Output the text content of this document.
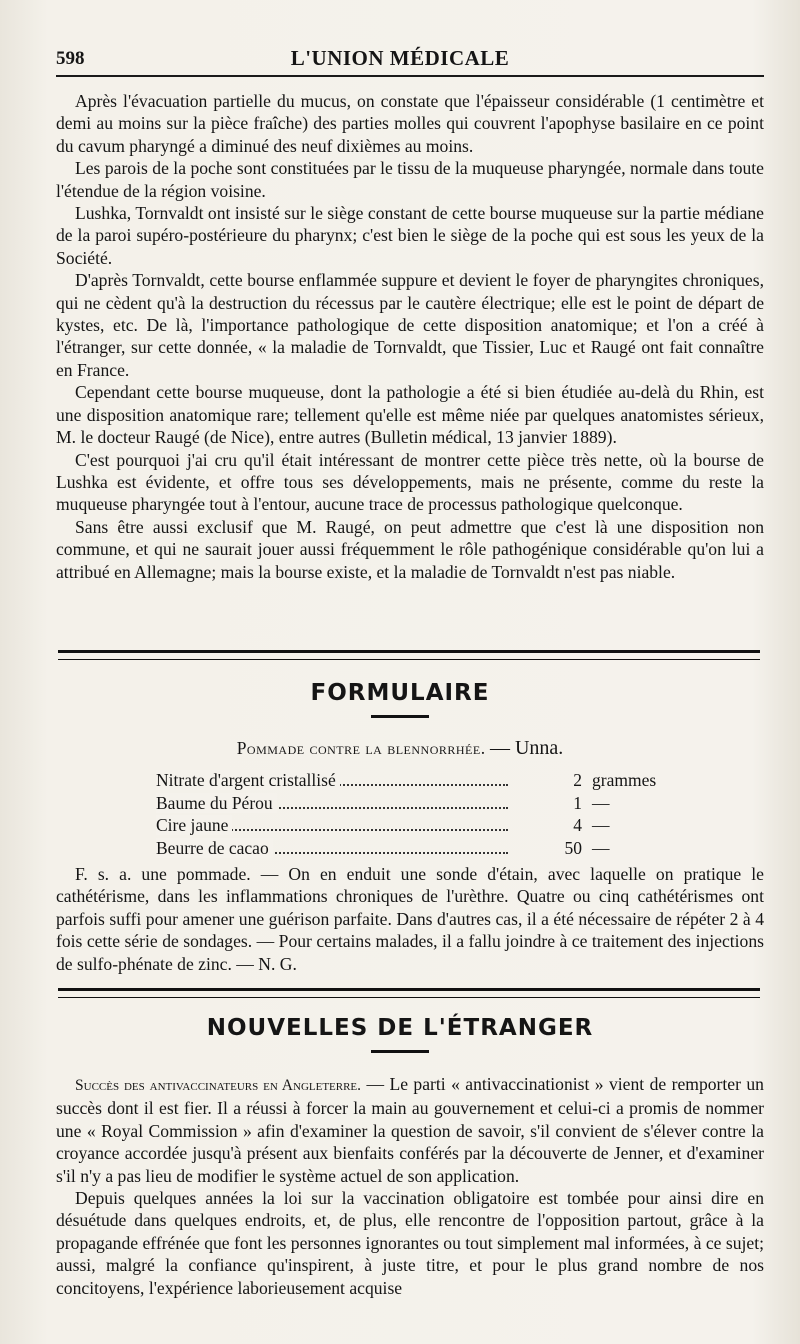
598	L'UNION MÉDICALE

Après l'évacuation partielle du mucus, on constate que l'épaisseur considérable (1 centimètre et demi au moins sur la pièce fraîche) des parties molles qui couvrent l'apophyse basilaire en ce point du cavum pharyngé a diminué des neuf dixièmes au moins.

Les parois de la poche sont constituées par le tissu de la muqueuse pharyngée, normale dans toute l'étendue de la région voisine.

Lushka, Tornvaldt ont insisté sur le siège constant de cette bourse muqueuse sur la partie médiane de la paroi supéro-postérieure du pharynx; c'est bien le siège de la poche qui est sous les yeux de la Société.

D'après Tornvaldt, cette bourse enflammée suppure et devient le foyer de pharyngites chroniques, qui ne cèdent qu'à la destruction du récessus par le cautère électrique; elle est le point de départ de kystes, etc. De là, l'importance pathologique de cette disposition anatomique; et l'on a créé à l'étranger, sur cette donnée, « la maladie de Tornvaldt, que Tissier, Luc et Raugé ont fait connaître en France.

Cependant cette bourse muqueuse, dont la pathologie a été si bien étudiée au-delà du Rhin, est une disposition anatomique rare; tellement qu'elle est même niée par quelques anatomistes sérieux, M. le docteur Raugé (de Nice), entre autres (Bulletin médical, 13 janvier 1889).

C'est pourquoi j'ai cru qu'il était intéressant de montrer cette pièce très nette, où la bourse de Lushka est évidente, et offre tous ses développements, mais ne présente, comme du reste la muqueuse pharyngée tout à l'entour, aucune trace de processus pathologique quelconque.

Sans être aussi exclusif que M. Raugé, on peut admettre que c'est là une disposition non commune, et qui ne saurait jouer aussi fréquemment le rôle pathogénique considérable qu'on lui a attribué en Allemagne; mais la bourse existe, et la maladie de Tornvaldt n'est pas niable.

FORMULAIRE
Pommade contre la blennorrhée. — Unna.
Nitrate d'argent cristallisé	2 grammes
Baume du Pérou	1 —
Cire jaune	4 —
Beurre de cacao	50 —

F. s. a. une pommade. — On en enduit une sonde d'étain, avec laquelle on pratique le cathétérisme, dans les inflammations chroniques de l'urèthre. Quatre ou cinq cathétérismes ont parfois suffi pour amener une guérison parfaite. Dans d'autres cas, il a été nécessaire de répéter 2 à 4 fois cette série de sondages. — Pour certains malades, il a fallu joindre à ce traitement des injections de sulfo-phénate de zinc. — N. G.

NOUVELLES DE L'ÉTRANGER

Succès des antivaccinateurs en Angleterre. — Le parti « antivaccinationist » vient de remporter un succès dont il est fier. Il a réussi à forcer la main au gouvernement et celui-ci a promis de nommer une « Royal Commission » afin d'examiner la question de savoir, s'il convient de s'élever contre la croyance accordée jusqu'à présent aux bienfaits conférés par la découverte de Jenner, et d'examiner s'il n'y a pas lieu de modifier le système actuel de son application.

Depuis quelques années la loi sur la vaccination obligatoire est tombée pour ainsi dire en désuétude dans quelques endroits, et, de plus, elle rencontre de l'opposition partout, grâce à la propagande effrénée que font les personnes ignorantes ou tout simplement mal informées, à ce sujet; aussi, malgré la confiance qu'inspirent, à juste titre, et pour le plus grand nombre de nos concitoyens, l'expérience laborieusement acquise
